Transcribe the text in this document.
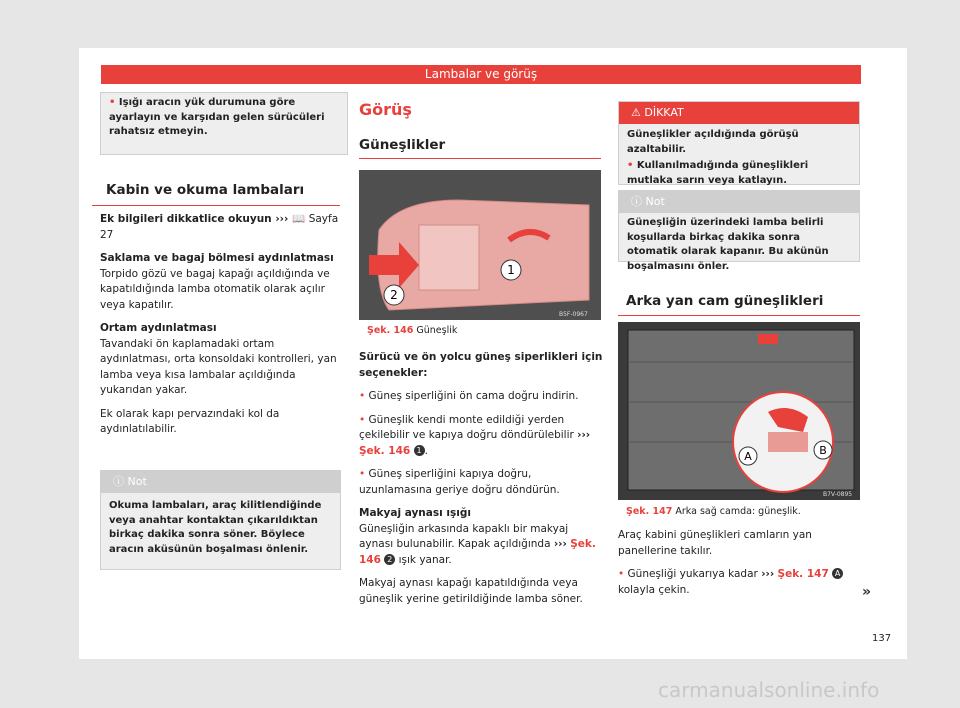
Lambalar ve görüş
• Işığı aracın yük durumuna göre ayarlayın ve karşıdan gelen sürücüleri rahatsız etmeyin.
Kabin ve okuma lambaları
Ek bilgileri dikkatlice okuyun ››› 📖 Sayfa 27
Saklama ve bagaj bölmesi aydınlatması
Torpido gözü ve bagaj kapağı açıldığında ve kapatıldığında lamba otomatik olarak açılır veya kapatılır.
Ortam aydınlatması
Tavandaki ön kaplamadaki ortam aydınlatması, orta konsoldaki kontrolleri, yan lamba veya kısa lambalar açıldığında yukarıdan yakar.
Ek olarak kapı pervazındaki kol da aydınlatılabilir.
ⓘ Not
Okuma lambaları, araç kilitlendiğinde veya anahtar kontaktan çıkarıldıktan birkaç dakika sonra söner. Böylece aracın aküsünün boşalması önlenir.
Görüş
Güneşlikler
1
2
B5F-0967
Şek. 146 Güneşlik
Sürücü ve ön yolcu güneş siperlikleri için seçenekler:
• Güneş siperliğini ön cama doğru indirin.
• Güneşlik kendi monte edildiği yerden çekilebilir ve kapıya doğru döndürülebilir ››› Şek. 146 1 .
• Güneş siperliğini kapıya doğru, uzunlamasına geriye doğru döndürün.
Makyaj aynası ışığı
Güneşliğin arkasında kapaklı bir makyaj aynası bulunabilir. Kapak açıldığında ››› Şek. 146 2 ışık yanar.
Makyaj aynası kapağı kapatıldığında veya güneşlik yerine getirildiğinde lamba söner.
⚠ DİKKAT
Güneşlikler açıldığında görüşü azaltabilir.
• Kullanılmadığında güneşlikleri mutlaka sarın veya katlayın.
ⓘ Not
Güneşliğin üzerindeki lamba belirli koşullarda birkaç dakika sonra otomatik olarak kapanır. Bu akünün boşalmasını önler.
Arka yan cam güneşlikleri
A	B
B7V-0895
Şek. 147 Arka sağ camda: güneşlik.
Araç kabini güneşlikleri camların yan panellerine takılır.
• Güneşliği yukarıya kadar ››› Şek. 147 A kolayla çekin.	»
137
carmanualsonline.info
